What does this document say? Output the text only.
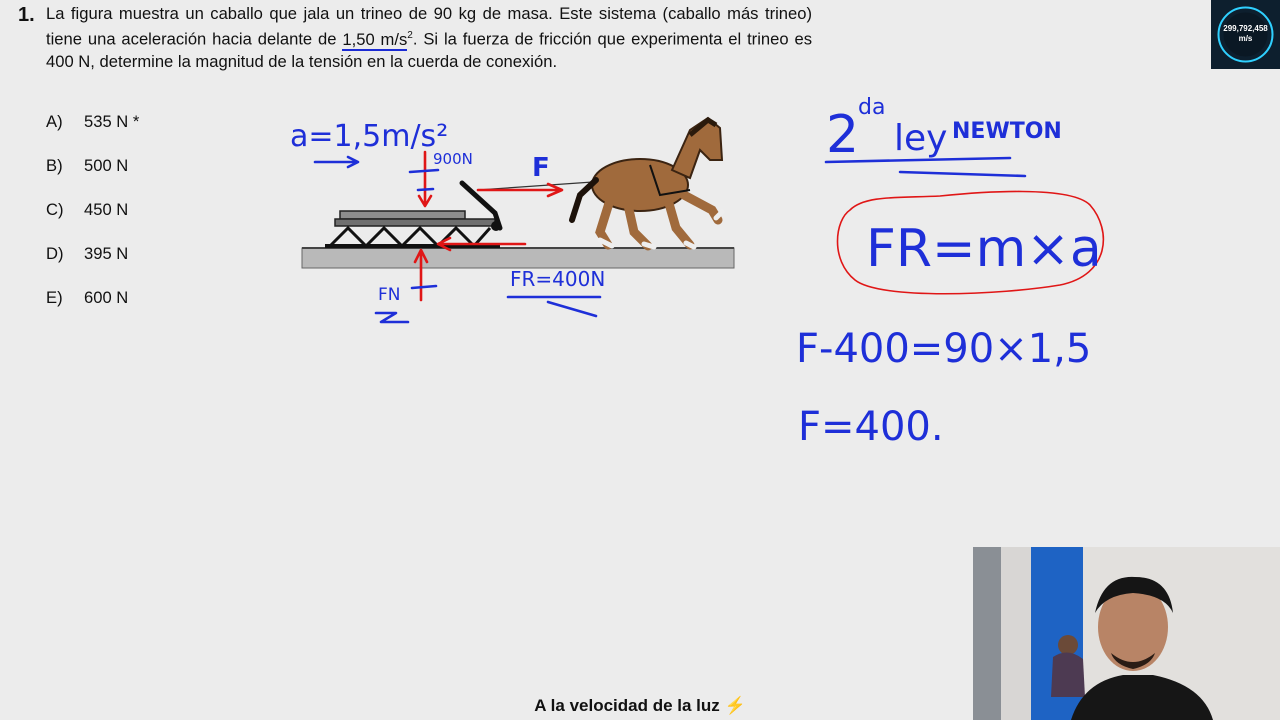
1. La figura muestra un caballo que jala un trineo de 90 kg de masa. Este sistema (caballo más trineo) tiene una aceleración hacia delante de 1,50 $m/s^2$. Si la fuerza de fricción que experimenta el trineo es 400 N, determine la magnitud de la tensión en la cuerda de conexión.
A)	535 N *
B)	500 N
C)	450 N
D)	395 N
E)	600 N
a=1,5m/s²
900N F
FN
FR=400N
2
da
ley NEWTON
FR=m×a
F-400=90×1,5
F=400.
299,792,458
m/s
A la velocidad de la luz ⚡
